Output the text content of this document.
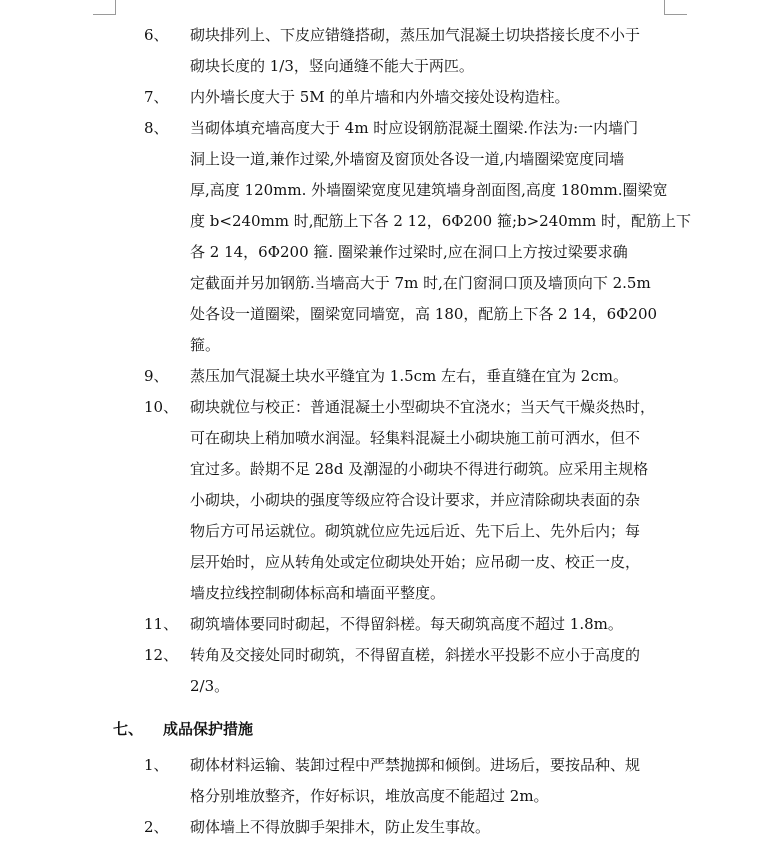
6、 砌块排列上、下皮应错缝搭砌，蒸压加气混凝土切块搭接长度不小于
砌块长度的 1/3，竖向通缝不能大于两匹。
7、 内外墙长度大于 5M 的单片墙和内外墙交接处设构造柱。
8、 当砌体填充墙高度大于 4m 时应设钢筋混凝土圈梁.作法为:一内墙门
洞上设一道,兼作过梁,外墙窗及窗顶处各设一道,内墙圈梁宽度同墙
厚,高度 120mm. 外墙圈梁宽度见建筑墙身剖面图,高度 180mm.圈梁宽
度 b<240mm 时,配筋上下各 2 12，6Φ200 箍;b>240mm 时，配筋上下
各 2 14，6Φ200 箍. 圈梁兼作过梁时,应在洞口上方按过梁要求确
定截面并另加钢筋.当墙高大于 7m 时,在门窗洞口顶及墙顶向下 2.5m
处各设一道圈梁，圈梁宽同墙宽，高 180，配筋上下各 2 14，6Φ200
箍。
9、 蒸压加气混凝土块水平缝宜为 1.5cm 左右，垂直缝在宜为 2cm。
10、 砌块就位与校正：普通混凝土小型砌块不宜浇水；当天气干燥炎热时，
可在砌块上稍加喷水润湿。轻集料混凝土小砌块施工前可洒水，但不
宜过多。龄期不足 28d 及潮湿的小砌块不得进行砌筑。应采用主规格
小砌块，小砌块的强度等级应符合设计要求，并应清除砌块表面的杂
物后方可吊运就位。砌筑就位应先远后近、先下后上、先外后内；每
层开始时，应从转角处或定位砌块处开始；应吊砌一皮、校正一皮，
墙皮拉线控制砌体标高和墙面平整度。
11、 砌筑墙体要同时砌起，不得留斜槎。每天砌筑高度不超过 1.8m。
12、 转角及交接处同时砌筑，不得留直槎，斜搓水平投影不应小于高度的
2/3。
七、 成品保护措施
1、 砌体材料运输、装卸过程中严禁抛掷和倾倒。进场后，要按品种、规
格分别堆放整齐，作好标识，堆放高度不能超过 2m。
2、 砌体墙上不得放脚手架排木，防止发生事故。
